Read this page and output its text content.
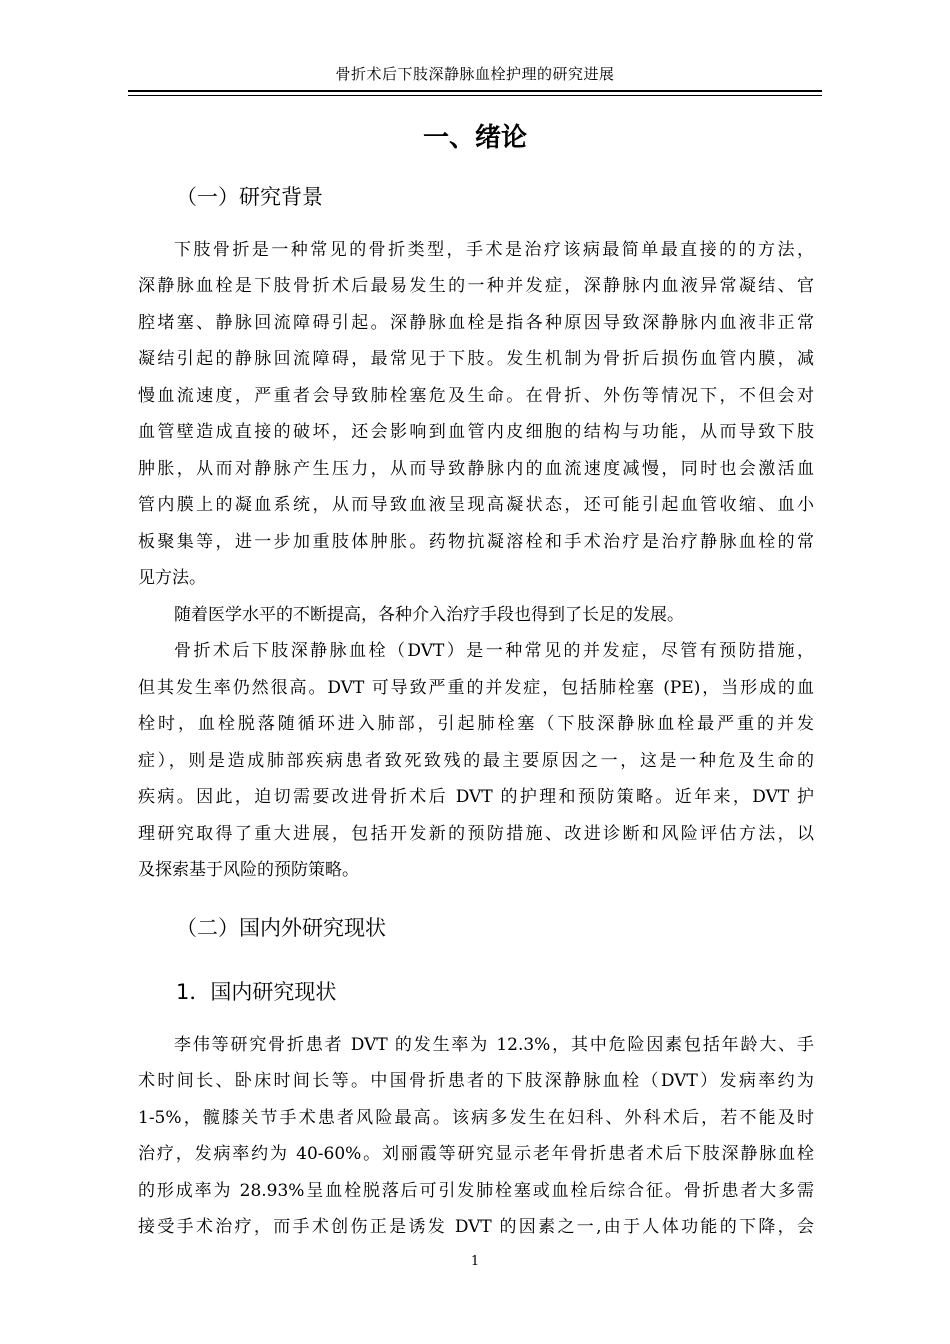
骨折术后下肢深静脉血栓护理的研究进展
一、绪论
（一）研究背景
下肢骨折是一种常见的骨折类型，手术是治疗该病最简单最直接的的方法，
深静脉血栓是下肢骨折术后最易发生的一种并发症，深静脉内血液异常凝结、官
腔堵塞、静脉回流障碍引起。深静脉血栓是指各种原因导致深静脉内血液非正常
凝结引起的静脉回流障碍，最常见于下肢。发生机制为骨折后损伤血管内膜，减
慢血流速度，严重者会导致肺栓塞危及生命。在骨折、外伤等情况下，不但会对
血管壁造成直接的破坏，还会影响到血管内皮细胞的结构与功能，从而导致下肢
肿胀，从而对静脉产生压力，从而导致静脉内的血流速度减慢，同时也会激活血
管内膜上的凝血系统，从而导致血液呈现高凝状态，还可能引起血管收缩、血小
板聚集等，进一步加重肢体肿胀。药物抗凝溶栓和手术治疗是治疗静脉血栓的常
见方法。
随着医学水平的不断提高，各种介入治疗手段也得到了长足的发展。
骨折术后下肢深静脉血栓（DVT）是一种常见的并发症，尽管有预防措施，
但其发生率仍然很高。DVT 可导致严重的并发症，包括肺栓塞 (PE)，当形成的血
栓时，血栓脱落随循环进入肺部，引起肺栓塞（下肢深静脉血栓最严重的并发
症），则是造成肺部疾病患者致死致残的最主要原因之一，这是一种危及生命的
疾病。因此，迫切需要改进骨折术后 DVT 的护理和预防策略。近年来，DVT 护
理研究取得了重大进展，包括开发新的预防措施、改进诊断和风险评估方法，以
及探索基于风险的预防策略。
（二）国内外研究现状
1．国内研究现状
李伟等研究骨折患者 DVT 的发生率为 12.3%，其中危险因素包括年龄大、手
术时间长、卧床时间长等。中国骨折患者的下肢深静脉血栓（DVT）发病率约为
1-5%，髋膝关节手术患者风险最高。该病多发生在妇科、外科术后，若不能及时
治疗，发病率约为 40-60%。刘丽霞等研究显示老年骨折患者术后下肢深静脉血栓
的形成率为 28.93%呈血栓脱落后可引发肺栓塞或血栓后综合征。骨折患者大多需
接受手术治疗，而手术创伤正是诱发 DVT 的因素之一,由于人体功能的下降，会
1
